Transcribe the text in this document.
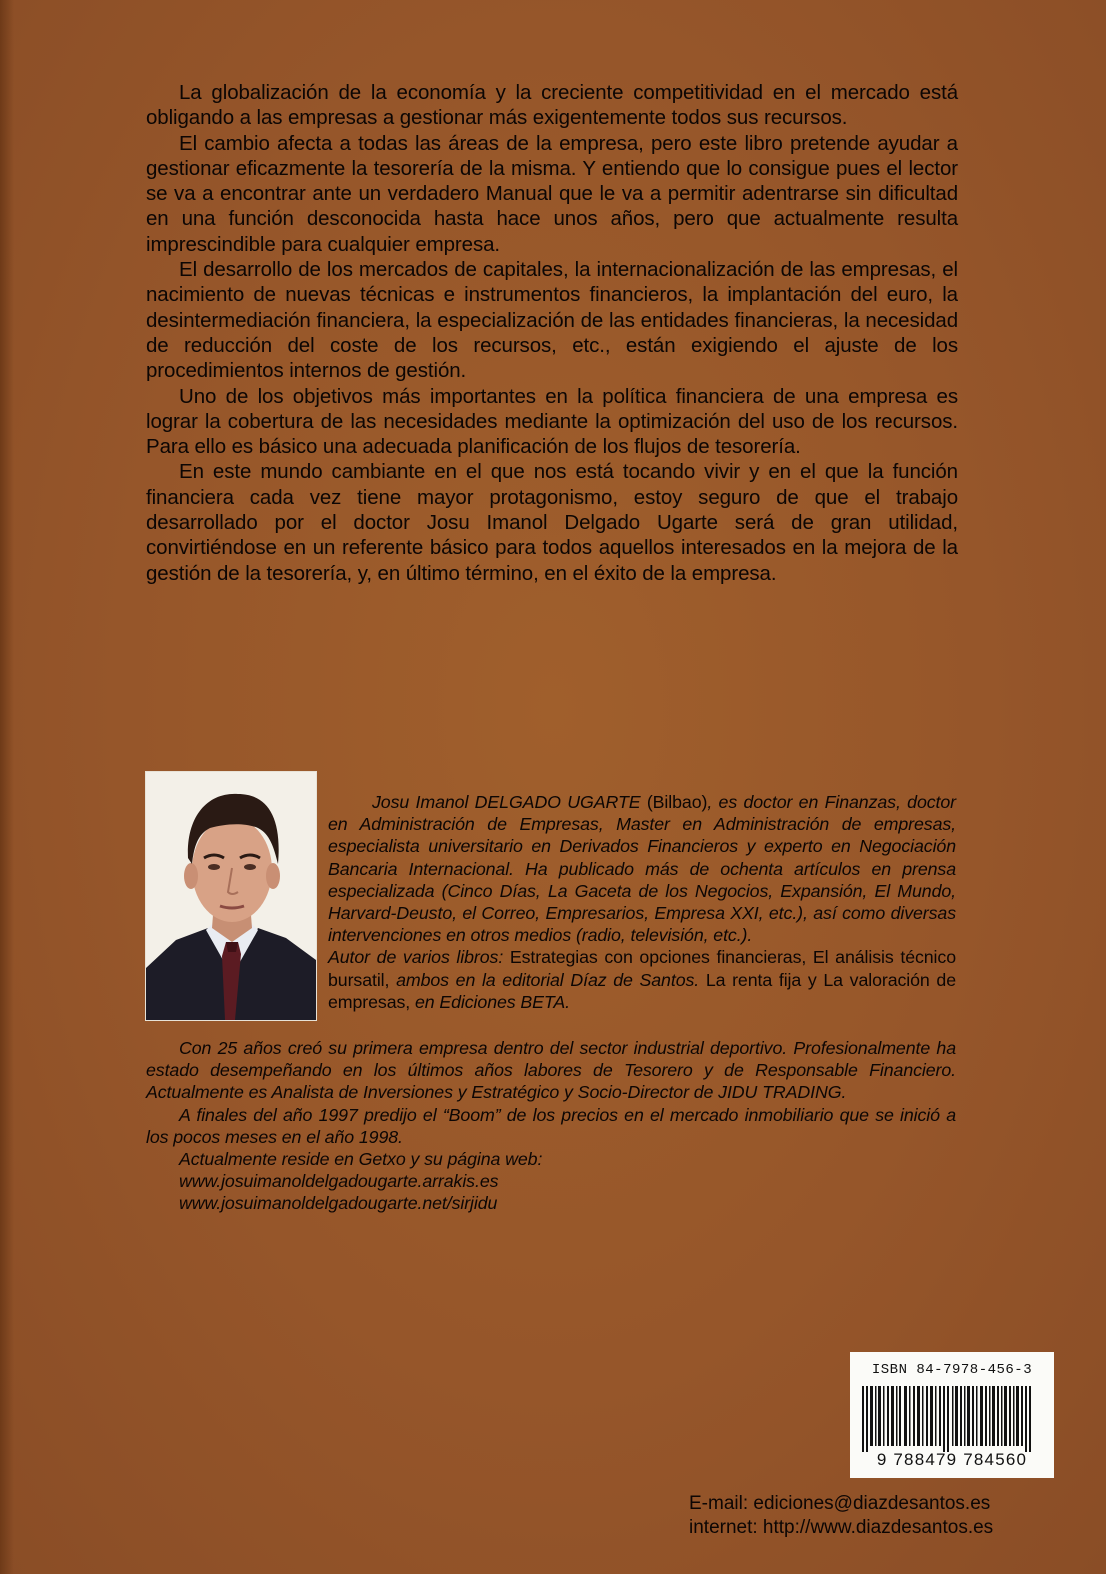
La globalización de la economía y la creciente competitividad en el mercado está obligando a las empresas a gestionar más exigentemente todos sus recursos.

El cambio afecta a todas las áreas de la empresa, pero este libro pretende ayudar a gestionar eficazmente la tesorería de la misma. Y entiendo que lo consigue pues el lector se va a encontrar ante un verdadero Manual que le va a permitir adentrarse sin dificultad en una función desconocida hasta hace unos años, pero que actualmente resulta imprescindible para cualquier empresa.

El desarrollo de los mercados de capitales, la internacionalización de las empresas, el nacimiento de nuevas técnicas e instrumentos financieros, la implantación del euro, la desintermediación financiera, la especialización de las entidades financieras, la necesidad de reducción del coste de los recursos, etc., están exigiendo el ajuste de los procedimientos internos de gestión.

Uno de los objetivos más importantes en la política financiera de una empresa es lograr la cobertura de las necesidades mediante la optimización del uso de los recursos. Para ello es básico una adecuada planificación de los flujos de tesorería.

En este mundo cambiante en el que nos está tocando vivir y en el que la función financiera cada vez tiene mayor protagonismo, estoy seguro de que el trabajo desarrollado por el doctor Josu Imanol Delgado Ugarte será de gran utilidad, convirtiéndose en un referente básico para todos aquellos interesados en la mejora de la gestión de la tesorería, y, en último término, en el éxito de la empresa.

Josu Imanol DELGADO UGARTE (Bilbao), es doctor en Finanzas, doctor en Administración de Empresas, Master en Administración de empresas, especialista universitario en Derivados Financieros y experto en Negociación Bancaria Internacional. Ha publicado más de ochenta artículos en prensa especializada (Cinco Días, La Gaceta de los Negocios, Expansión, El Mundo, Harvard-Deusto, el Correo, Empresarios, Empresa XXI, etc.), así como diversas intervenciones en otros medios (radio, televisión, etc.).

Autor de varios libros: Estrategias con opciones financieras, El análisis técnico bursatil, ambos en la editorial Díaz de Santos. La renta fija y La valoración de empresas, en Ediciones BETA.

Con 25 años creó su primera empresa dentro del sector industrial deportivo. Profesionalmente ha estado desempeñando en los últimos años labores de Tesorero y de Responsable Financiero. Actualmente es Analista de Inversiones y Estratégico y Socio-Director de JIDU TRADING.

A finales del año 1997 predijo el “Boom” de los precios en el mercado inmobiliario que se inició a los pocos meses en el año 1998.

Actualmente reside en Getxo y su página web:

www.josuimanoldelgadougarte.arrakis.es

www.josuimanoldelgadougarte.net/sirjidu

ISBN 84-7978-456-3
9 788479 784560
E-mail: ediciones@diazdesantos.es
internet: http://www.diazdesantos.es
